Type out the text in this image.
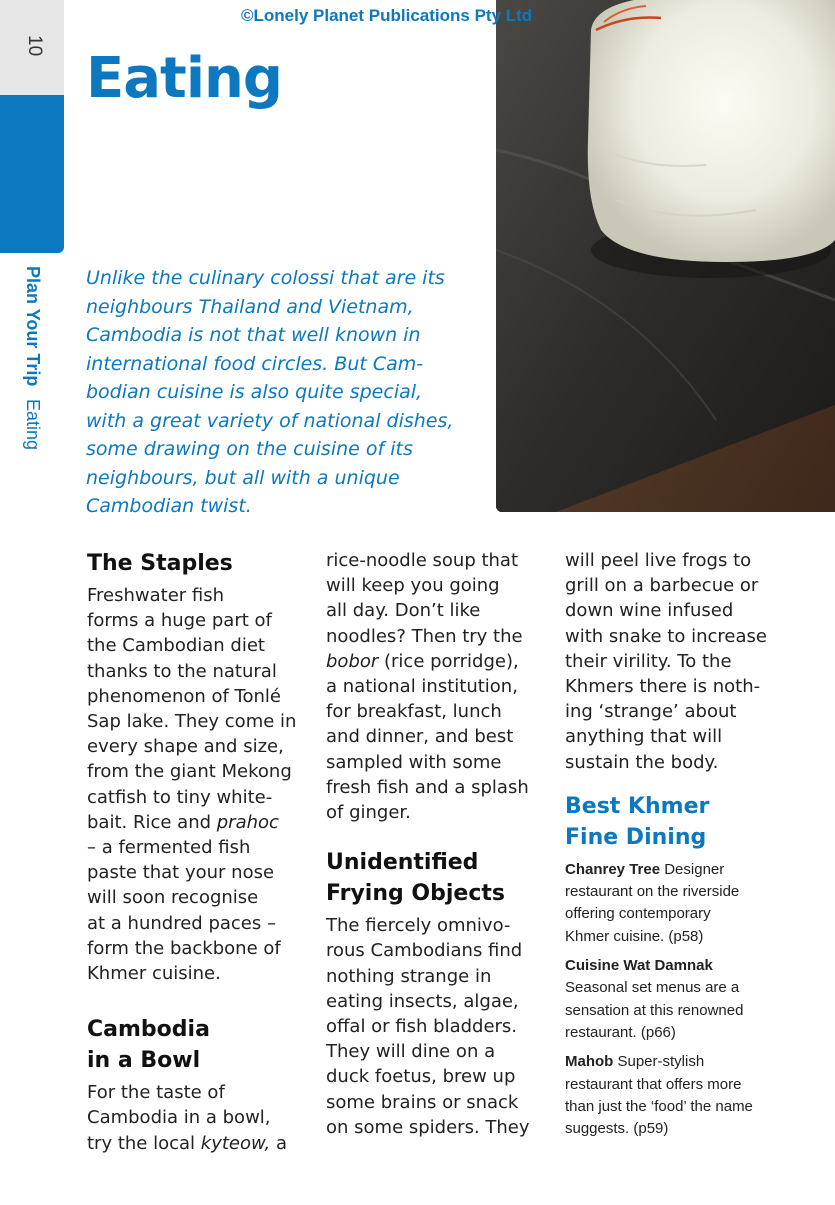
10
Plan Your Trip Eating
©Lonely Planet Publications Pty Ltd
Eating
Unlike the culinary colossi that are its
neighbours Thailand and Vietnam,
Cambodia is not that well known in
international food circles. But Cam-
bodian cuisine is also quite special,
with a great variety of national dishes,
some drawing on the cuisine of its
neighbours, but all with a unique
Cambodian twist.
The Staples
Freshwater fish
forms a huge part of
the Cambodian diet
thanks to the natural
phenomenon of Tonlé
Sap lake. They come in
every shape and size,
from the giant Mekong
catfish to tiny white-
bait. Rice and prahoc
– a fermented fish
paste that your nose
will soon recognise
at a hundred paces –
form the backbone of
Khmer cuisine.
Cambodia
in a Bowl
For the taste of
Cambodia in a bowl,
try the local kyteow, a
rice-noodle soup that
will keep you going
all day. Don’t like
noodles? Then try the
bobor (rice porridge),
a national institution,
for breakfast, lunch
and dinner, and best
sampled with some
fresh fish and a splash
of ginger.
Unidentified
Frying Objects
The fiercely omnivo-
rous Cambodians find
nothing strange in
eating insects, algae,
offal or fish bladders.
They will dine on a
duck foetus, brew up
some brains or snack
on some spiders. They
will peel live frogs to
grill on a barbecue or
down wine infused
with snake to increase
their virility. To the
Khmers there is noth-
ing ‘strange’ about
anything that will
sustain the body.
Best Khmer
Fine Dining
Chanrey Tree Designer
restaurant on the riverside
offering contemporary
Khmer cuisine. (p58)
Cuisine Wat Damnak
Seasonal set menus are a
sensation at this renowned
restaurant. (p66)
Mahob Super-stylish
restaurant that offers more
than just the ‘food’ the name
suggests. (p59)
